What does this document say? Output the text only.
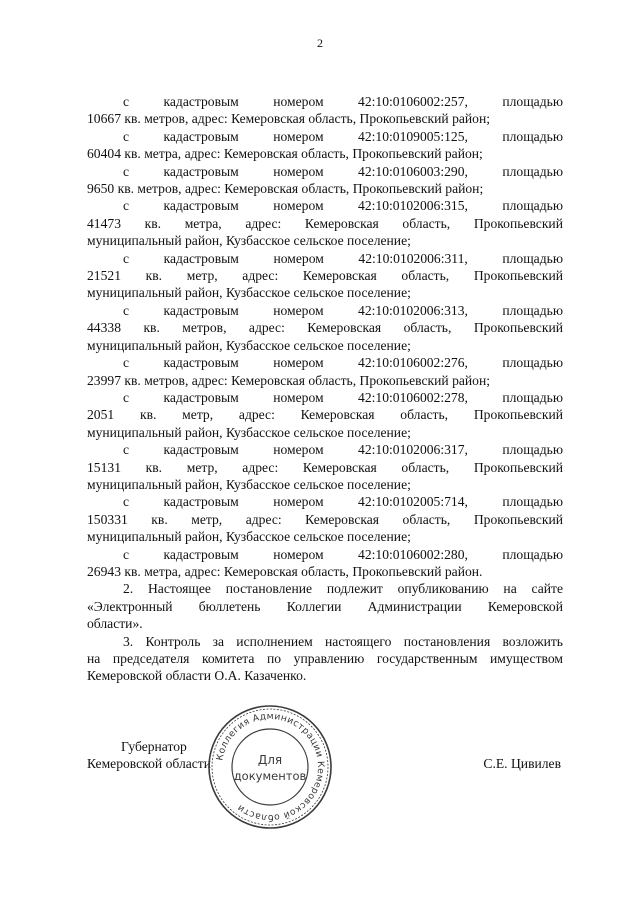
2
с	кадастровым	номером	42:10:0106002:257,	площадью
10667 кв. метров, адрес: Кемеровская область, Прокопьевский район;
с	кадастровым	номером	42:10:0109005:125,	площадью
60404 кв. метра, адрес: Кемеровская область, Прокопьевский район;
с	кадастровым	номером	42:10:0106003:290,	площадью
9650 кв. метров, адрес: Кемеровская область, Прокопьевский район;
с	кадастровым	номером	42:10:0102006:315,	площадью
41473 кв. метра, адрес: Кемеровская область, Прокопьевский
муниципальный район, Кузбасское сельское поселение;
с	кадастровым	номером	42:10:0102006:311,	площадью
21521 кв. метр, адрес: Кемеровская область, Прокопьевский
муниципальный район, Кузбасское сельское поселение;
с	кадастровым	номером	42:10:0102006:313,	площадью
44338 кв. метров, адрес: Кемеровская область, Прокопьевский
муниципальный район, Кузбасское сельское поселение;
с	кадастровым	номером	42:10:0106002:276,	площадью
23997 кв. метров, адрес: Кемеровская область, Прокопьевский район;
с	кадастровым	номером	42:10:0106002:278,	площадью
2051 кв. метр, адрес: Кемеровская область, Прокопьевский
муниципальный район, Кузбасское сельское поселение;
с	кадастровым	номером	42:10:0102006:317,	площадью
15131 кв. метр, адрес: Кемеровская область, Прокопьевский
муниципальный район, Кузбасское сельское поселение;
с	кадастровым	номером	42:10:0102005:714,	площадью
150331 кв. метр, адрес: Кемеровская область, Прокопьевский
муниципальный район, Кузбасское сельское поселение;
с	кадастровым	номером	42:10:0106002:280,	площадью
26943 кв. метра, адрес: Кемеровская область, Прокопьевский район.
2. Настоящее постановление подлежит опубликованию на сайте
«Электронный бюллетень Коллегии Администрации Кемеровской
области».
3. Контроль за исполнением настоящего постановления возложить
на председателя комитета по управлению государственным имуществом
Кемеровской области О.А. Казаченко.
Губернатор
Кемеровской области	С.Е. Цивилев
Коллегия Администрации Кемеровской области
Для
документов
